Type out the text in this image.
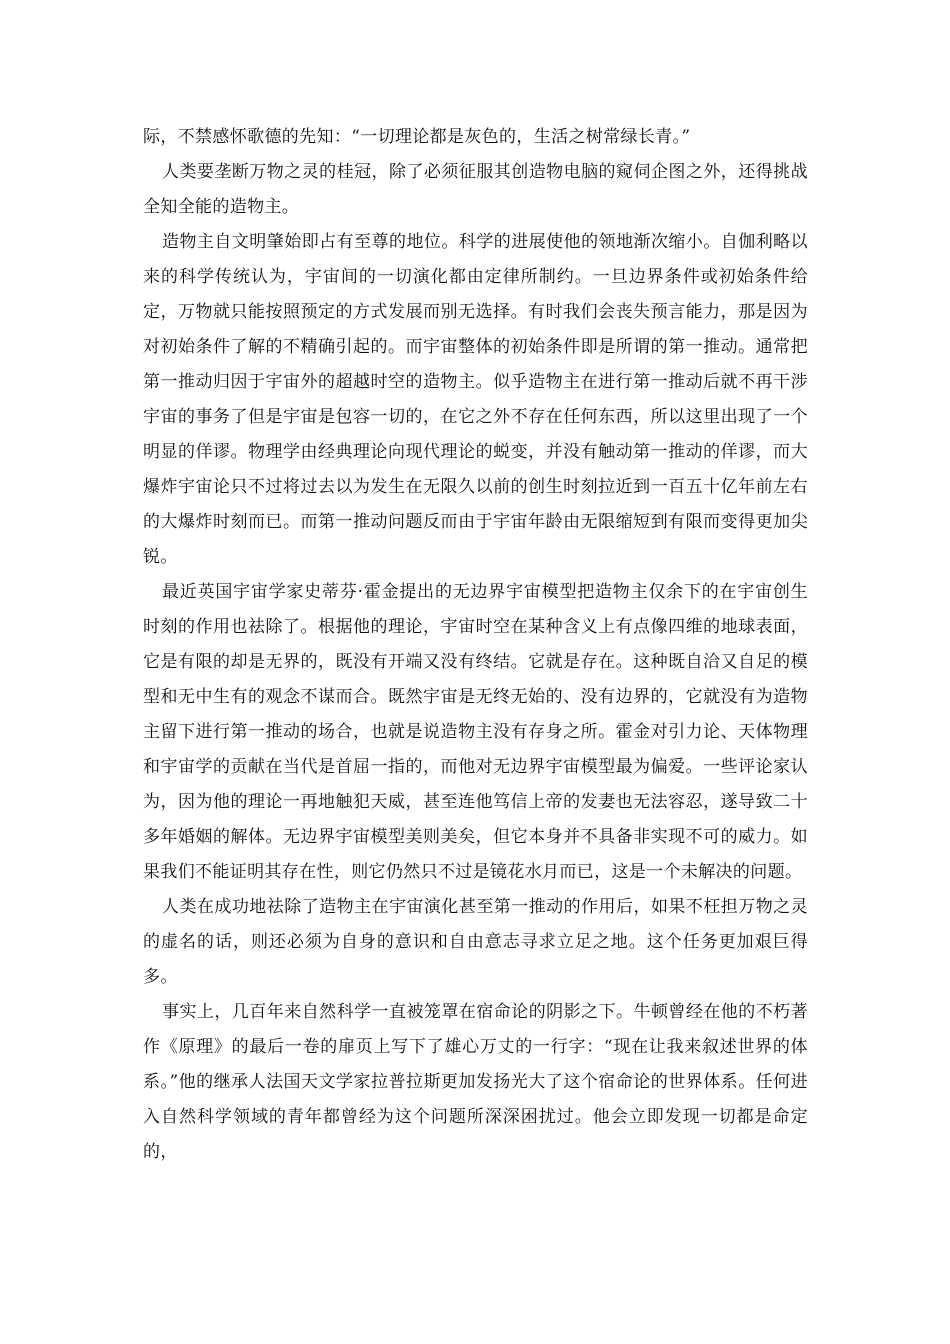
际，不禁感怀歌德的先知：“一切理论都是灰色的，生活之树常绿长青。”

人类要垄断万物之灵的桂冠，除了必须征服其创造物电脑的窥伺企图之外，还得挑战全知全能的造物主。

造物主自文明肇始即占有至尊的地位。科学的进展使他的领地渐次缩小。自伽利略以来的科学传统认为，宇宙间的一切演化都由定律所制约。一旦边界条件或初始条件给定，万物就只能按照预定的方式发展而别无选择。有时我们会丧失预言能力，那是因为对初始条件了解的不精确引起的。而宇宙整体的初始条件即是所谓的第一推动。通常把第一推动归因于宇宙外的超越时空的造物主。似乎造物主在进行第一推动后就不再干涉宇宙的事务了但是宇宙是包容一切的，在它之外不存在任何东西，所以这里出现了一个明显的佯谬。物理学由经典理论向现代理论的蜕变，并没有触动第一推动的佯谬，而大爆炸宇宙论只不过将过去以为发生在无限久以前的创生时刻拉近到一百五十亿年前左右的大爆炸时刻而已。而第一推动问题反而由于宇宙年龄由无限缩短到有限而变得更加尖锐。

最近英国宇宙学家史蒂芬·霍金提出的无边界宇宙模型把造物主仅余下的在宇宙创生时刻的作用也祛除了。根据他的理论，宇宙时空在某种含义上有点像四维的地球表面，它是有限的却是无界的，既没有开端又没有终结。它就是存在。这种既自洽又自足的模型和无中生有的观念不谋而合。既然宇宙是无终无始的、没有边界的，它就没有为造物主留下进行第一推动的场合，也就是说造物主没有存身之所。霍金对引力论、天体物理和宇宙学的贡献在当代是首屈一指的，而他对无边界宇宙模型最为偏爱。一些评论家认为，因为他的理论一再地触犯天威，甚至连他笃信上帝的发妻也无法容忍，遂导致二十多年婚姻的解体。无边界宇宙模型美则美矣，但它本身并不具备非实现不可的威力。如果我们不能证明其存在性，则它仍然只不过是镜花水月而已，这是一个未解决的问题。

人类在成功地祛除了造物主在宇宙演化甚至第一推动的作用后，如果不枉担万物之灵的虚名的话，则还必须为自身的意识和自由意志寻求立足之地。这个任务更加艰巨得多。

事实上，几百年来自然科学一直被笼罩在宿命论的阴影之下。牛顿曾经在他的不朽著作《原理》的最后一卷的扉页上写下了雄心万丈的一行字：“现在让我来叙述世界的体系。”他的继承人法国天文学家拉普拉斯更加发扬光大了这个宿命论的世界体系。任何进入自然科学领域的青年都曾经为这个问题所深深困扰过。他会立即发现一切都是命定的，
